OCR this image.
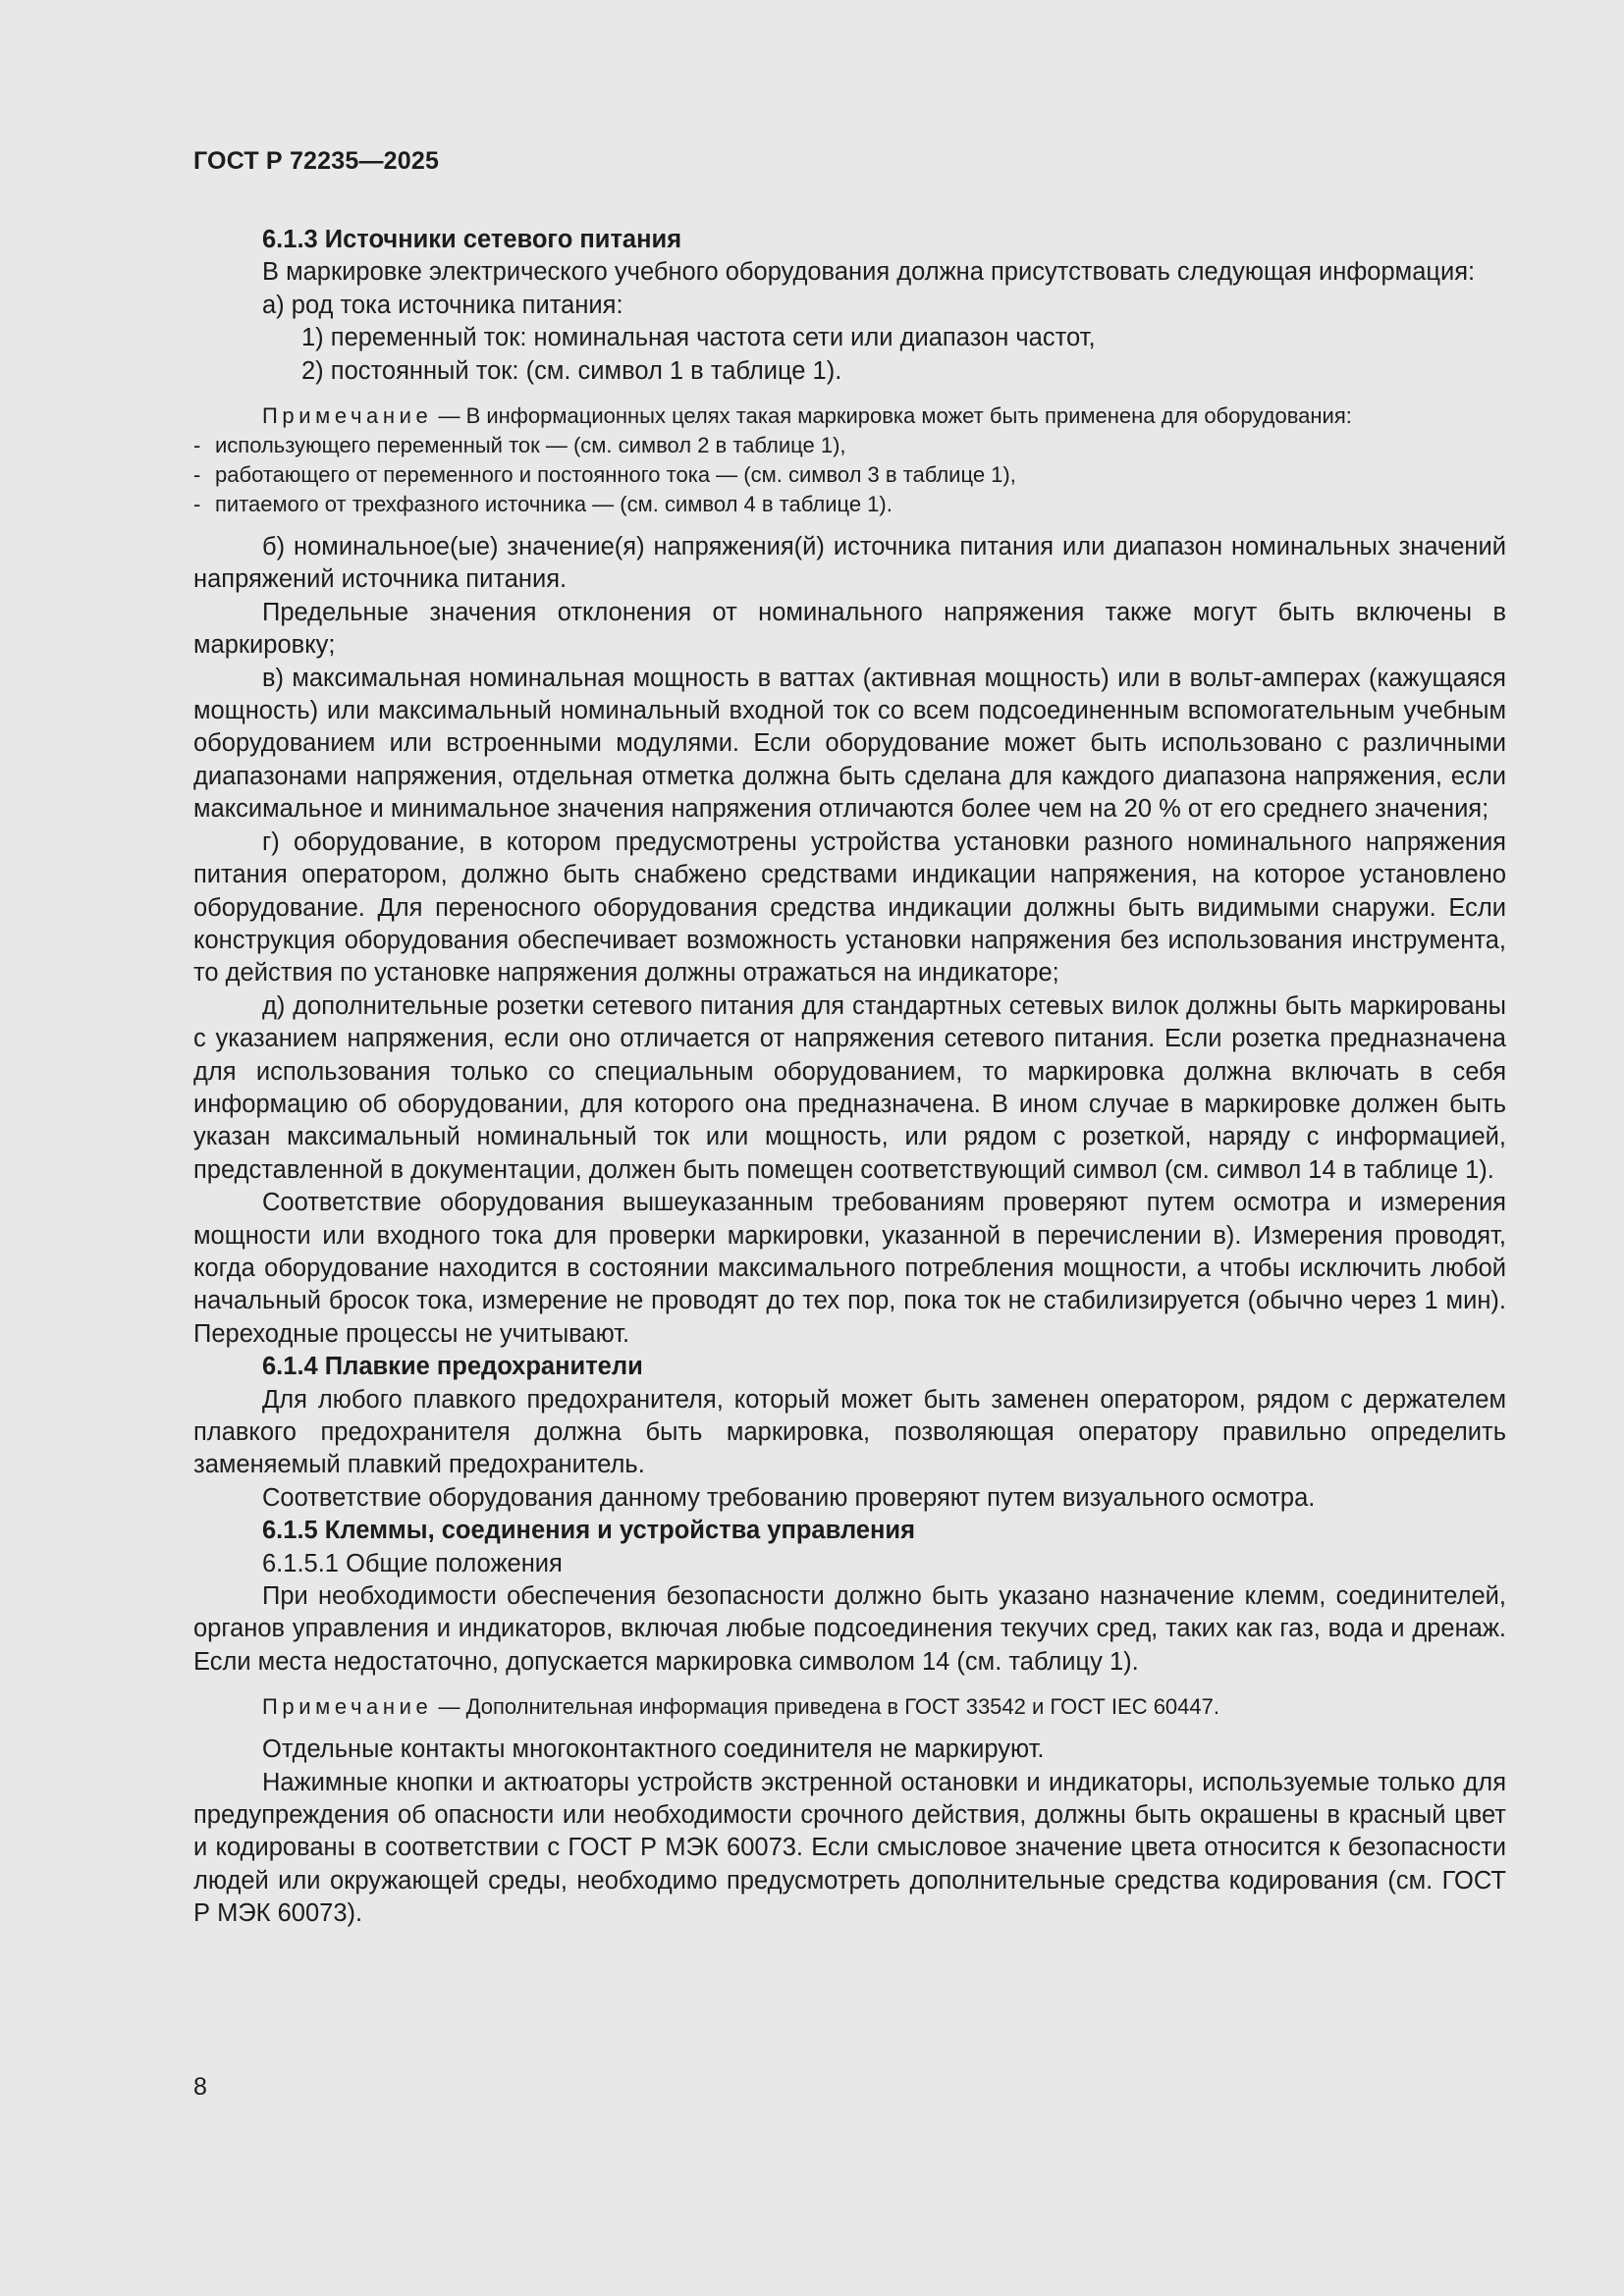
ГОСТ Р 72235—2025
6.1.3 Источники сетевого питания
В маркировке электрического учебного оборудования должна присутствовать следующая информация:
а) род тока источника питания:
1) переменный ток: номинальная частота сети или диапазон частот,
2) постоянный ток: (см. символ 1 в таблице 1).
Примечание — В информационных целях такая маркировка может быть применена для оборудования:
- использующего переменный ток — (см. символ 2 в таблице 1),
- работающего от переменного и постоянного тока — (см. символ 3 в таблице 1),
- питаемого от трехфазного источника — (см. символ 4 в таблице 1).
б) номинальное(ые) значение(я) напряжения(й) источника питания или диапазон номинальных значений напряжений источника питания.
Предельные значения отклонения от номинального напряжения также могут быть включены в маркировку;
в) максимальная номинальная мощность в ваттах (активная мощность) или в вольт-амперах (кажущаяся мощность) или максимальный номинальный входной ток со всем подсоединенным вспомогательным учебным оборудованием или встроенными модулями. Если оборудование может быть использовано с различными диапазонами напряжения, отдельная отметка должна быть сделана для каждого диапазона напряжения, если максимальное и минимальное значения напряжения отличаются более чем на 20 % от его среднего значения;
г) оборудование, в котором предусмотрены устройства установки разного номинального напряжения питания оператором, должно быть снабжено средствами индикации напряжения, на которое установлено оборудование. Для переносного оборудования средства индикации должны быть видимыми снаружи. Если конструкция оборудования обеспечивает возможность установки напряжения без использования инструмента, то действия по установке напряжения должны отражаться на индикаторе;
д) дополнительные розетки сетевого питания для стандартных сетевых вилок должны быть маркированы с указанием напряжения, если оно отличается от напряжения сетевого питания. Если розетка предназначена для использования только со специальным оборудованием, то маркировка должна включать в себя информацию об оборудовании, для которого она предназначена. В ином случае в маркировке должен быть указан максимальный номинальный ток или мощность, или рядом с розеткой, наряду с информацией, представленной в документации, должен быть помещен соответствующий символ (см. символ 14 в таблице 1).
Соответствие оборудования вышеуказанным требованиям проверяют путем осмотра и измерения мощности или входного тока для проверки маркировки, указанной в перечислении в). Измерения проводят, когда оборудование находится в состоянии максимального потребления мощности, а чтобы исключить любой начальный бросок тока, измерение не проводят до тех пор, пока ток не стабилизируется (обычно через 1 мин). Переходные процессы не учитывают.
6.1.4 Плавкие предохранители
Для любого плавкого предохранителя, который может быть заменен оператором, рядом с держателем плавкого предохранителя должна быть маркировка, позволяющая оператору правильно определить заменяемый плавкий предохранитель.
Соответствие оборудования данному требованию проверяют путем визуального осмотра.
6.1.5 Клеммы, соединения и устройства управления
6.1.5.1 Общие положения
При необходимости обеспечения безопасности должно быть указано назначение клемм, соединителей, органов управления и индикаторов, включая любые подсоединения текучих сред, таких как газ, вода и дренаж. Если места недостаточно, допускается маркировка символом 14 (см. таблицу 1).
Примечание — Дополнительная информация приведена в ГОСТ 33542 и ГОСТ IEC 60447.
Отдельные контакты многоконтактного соединителя не маркируют.
Нажимные кнопки и актюаторы устройств экстренной остановки и индикаторы, используемые только для предупреждения об опасности или необходимости срочного действия, должны быть окрашены в красный цвет и кодированы в соответствии с ГОСТ Р МЭК 60073. Если смысловое значение цвета относится к безопасности людей или окружающей среды, необходимо предусмотреть дополнительные средства кодирования (см. ГОСТ Р МЭК 60073).
8
